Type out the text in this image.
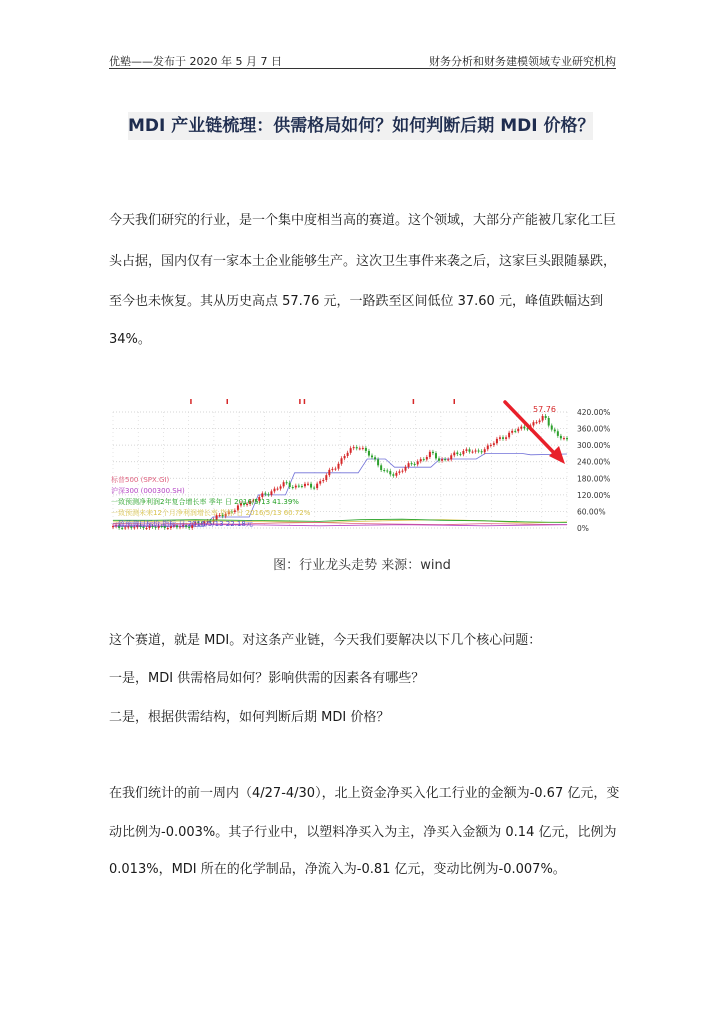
优塾——发布于 2020 年 5 月 7 日	财务分析和财务建模领域专业研究机构
MDI 产业链梳理：供需格局如何？如何判断后期 MDI 价格？
今天我们研究的行业，是一个集中度相当高的赛道。这个领域，大部分产能被几家化工巨
头占据，国内仅有一家本土企业能够生产。这次卫生事件来袭之后，这家巨头跟随暴跌，
至今也未恢复。其从历史高点 57.76 元，一路跌至区间低位 37.60 元，峰值跌幅达到
34%。
420.00%
360.00%
300.00%
240.00%
180.00%
120.00%
60.00%
0%
标普500 (SPX.GI)
沪深300 (000300.SH)
一致预测净利润2年复合增长率 季年 日 2016/5/13 41.39%
一致预测未来12个月净利润增长率 指标 日 2016/5/13 60.72%
一致预测目标价 指标 日 2016/5/13 22.18元
57.76
图：行业龙头走势 来源：wind
这个赛道，就是 MDI。对这条产业链，今天我们要解决以下几个核心问题：
一是，MDI 供需格局如何？影响供需的因素各有哪些？
二是，根据供需结构，如何判断后期 MDI 价格？
在我们统计的前一周内（4/27-4/30），北上资金净买入化工行业的金额为-0.67 亿元，变
动比例为-0.003%。其子行业中，以塑料净买入为主，净买入金额为 0.14 亿元，比例为
0.013%，MDI 所在的化学制品，净流入为-0.81 亿元，变动比例为-0.007%。
